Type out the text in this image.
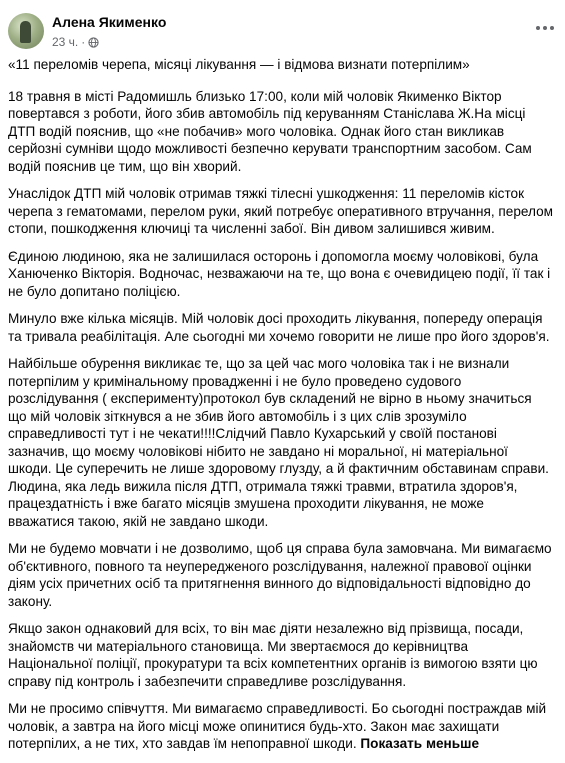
Алена Якименко
23 ч. ·

«11 переломів черепа, місяці лікування — і відмова визнати потерпілим»

18 травня в місті Радомишль близько 17:00, коли мій чоловік Якименко Віктор повертався з роботи, його збив автомобіль під керуванням Станіслава Ж.На місці ДТП водій пояснив, що «не побачив» мого чоловіка. Однак його стан викликав серйозні сумніви щодо можливості безпечно керувати транспортним засобом. Сам водій пояснив це тим, що він хворий.

Унаслідок ДТП мій чоловік отримав тяжкі тілесні ушкодження: 11 переломів кісток черепа з гематомами, перелом руки, який потребує оперативного втручання, перелом стопи, пошкодження ключиці та численні забої. Він дивом залишився живим.

Єдиною людиною, яка не залишилася осторонь і допомогла моєму чоловікові, була Ханюченко Вікторія. Водночас, незважаючи на те, що вона є очевидицею події, її так і не було допитано поліцією.

Минуло вже кілька місяців. Мій чоловік досі проходить лікування, попереду операція та тривала реабілітація. Але сьогодні ми хочемо говорити не лише про його здоров'я.

Найбільше обурення викликає те, що за цей час мого чоловіка так і не визнали потерпілим у кримінальному провадженні і не було проведено судового розслідування ( експерименту)протокол був складений не вірно в ньому значиться що мій чоловік зіткнувся а не збив його автомобіль і з цих слів зрозуміло справедливості тут і не чекати!!!!Слідчий Павло Кухарський у своїй постанові зазначив, що моєму чоловікові нібито не завдано ні моральної, ні матеріальної шкоди. Це суперечить не лише здоровому глузду, а й фактичним обставинам справи. Людина, яка ледь вижила після ДТП, отримала тяжкі травми, втратила здоров'я, працездатність і вже багато місяців змушена проходити лікування, не може вважатися такою, якій не завдано шкоди.

Ми не будемо мовчати і не дозволимо, щоб ця справа була замовчана. Ми вимагаємо об'єктивного, повного та неупередженого розслідування, належної правової оцінки діям усіх причетних осіб та притягнення винного до відповідальності відповідно до закону.

Якщо закон однаковий для всіх, то він має діяти незалежно від прізвища, посади, знайомств чи матеріального становища. Ми звертаємося до керівництва Національної поліції, прокуратури та всіх компетентних органів із вимогою взяти цю справу під контроль і забезпечити справедливе розслідування.

Ми не просимо співчуття. Ми вимагаємо справедливості. Бо сьогодні постраждав мій чоловік, а завтра на його місці може опинитися будь-хто. Закон має захищати потерпілих, а не тих, хто завдав їм непоправної шкоди. Показать меньше
